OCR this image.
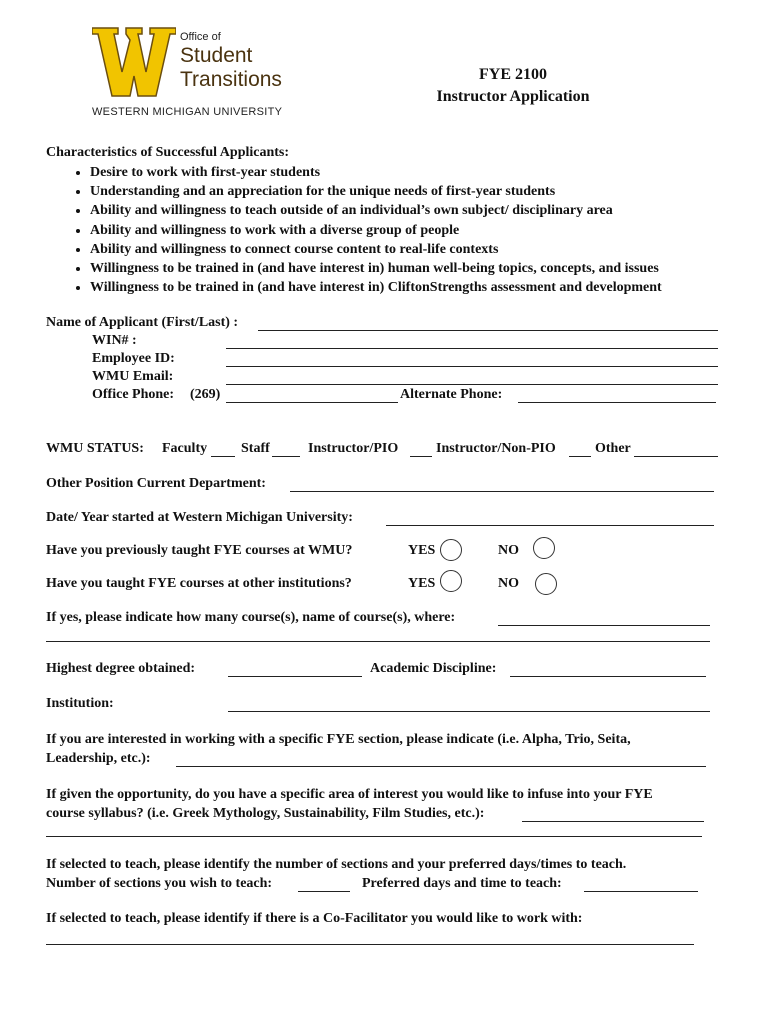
Office of
Student
Transitions
WESTERN MICHIGAN UNIVERSITY
FYE 2100
Instructor Application
Characteristics of Successful Applicants:
• Desire to work with first-year students
• Understanding and an appreciation for the unique needs of first-year students
• Ability and willingness to teach outside of an individual’s own subject/ disciplinary area
• Ability and willingness to work with a diverse group of people
• Ability and willingness to connect course content to real-life contexts
• Willingness to be trained in (and have interest in) human well-being topics, concepts, and issues
• Willingness to be trained in (and have interest in) CliftonStrengths assessment and development
Name of Applicant (First/Last) :
WIN# :
Employee ID:
WMU Email:
Office Phone: (269)	Alternate Phone:
WMU STATUS: Faculty Staff	Instructor/PIO	Instructor/Non-PIO	Other
Other Position Current Department:
Date/ Year started at Western Michigan University:
Have you previously taught FYE courses at WMU?	YES	NO
Have you taught FYE courses at other institutions?	YES	NO
If yes, please indicate how many course(s), name of course(s), where:
Highest degree obtained:	Academic Discipline:
Institution:
If you are interested in working with a specific FYE section, please indicate (i.e. Alpha, Trio, Seita,
Leadership, etc.):
If given the opportunity, do you have a specific area of interest you would like to infuse into your FYE
course syllabus? (i.e. Greek Mythology, Sustainability, Film Studies, etc.):
If selected to teach, please identify the number of sections and your preferred days/times to teach.
Number of sections you wish to teach:	Preferred days and time to teach:
If selected to teach, please identify if there is a Co-Facilitator you would like to work with:
